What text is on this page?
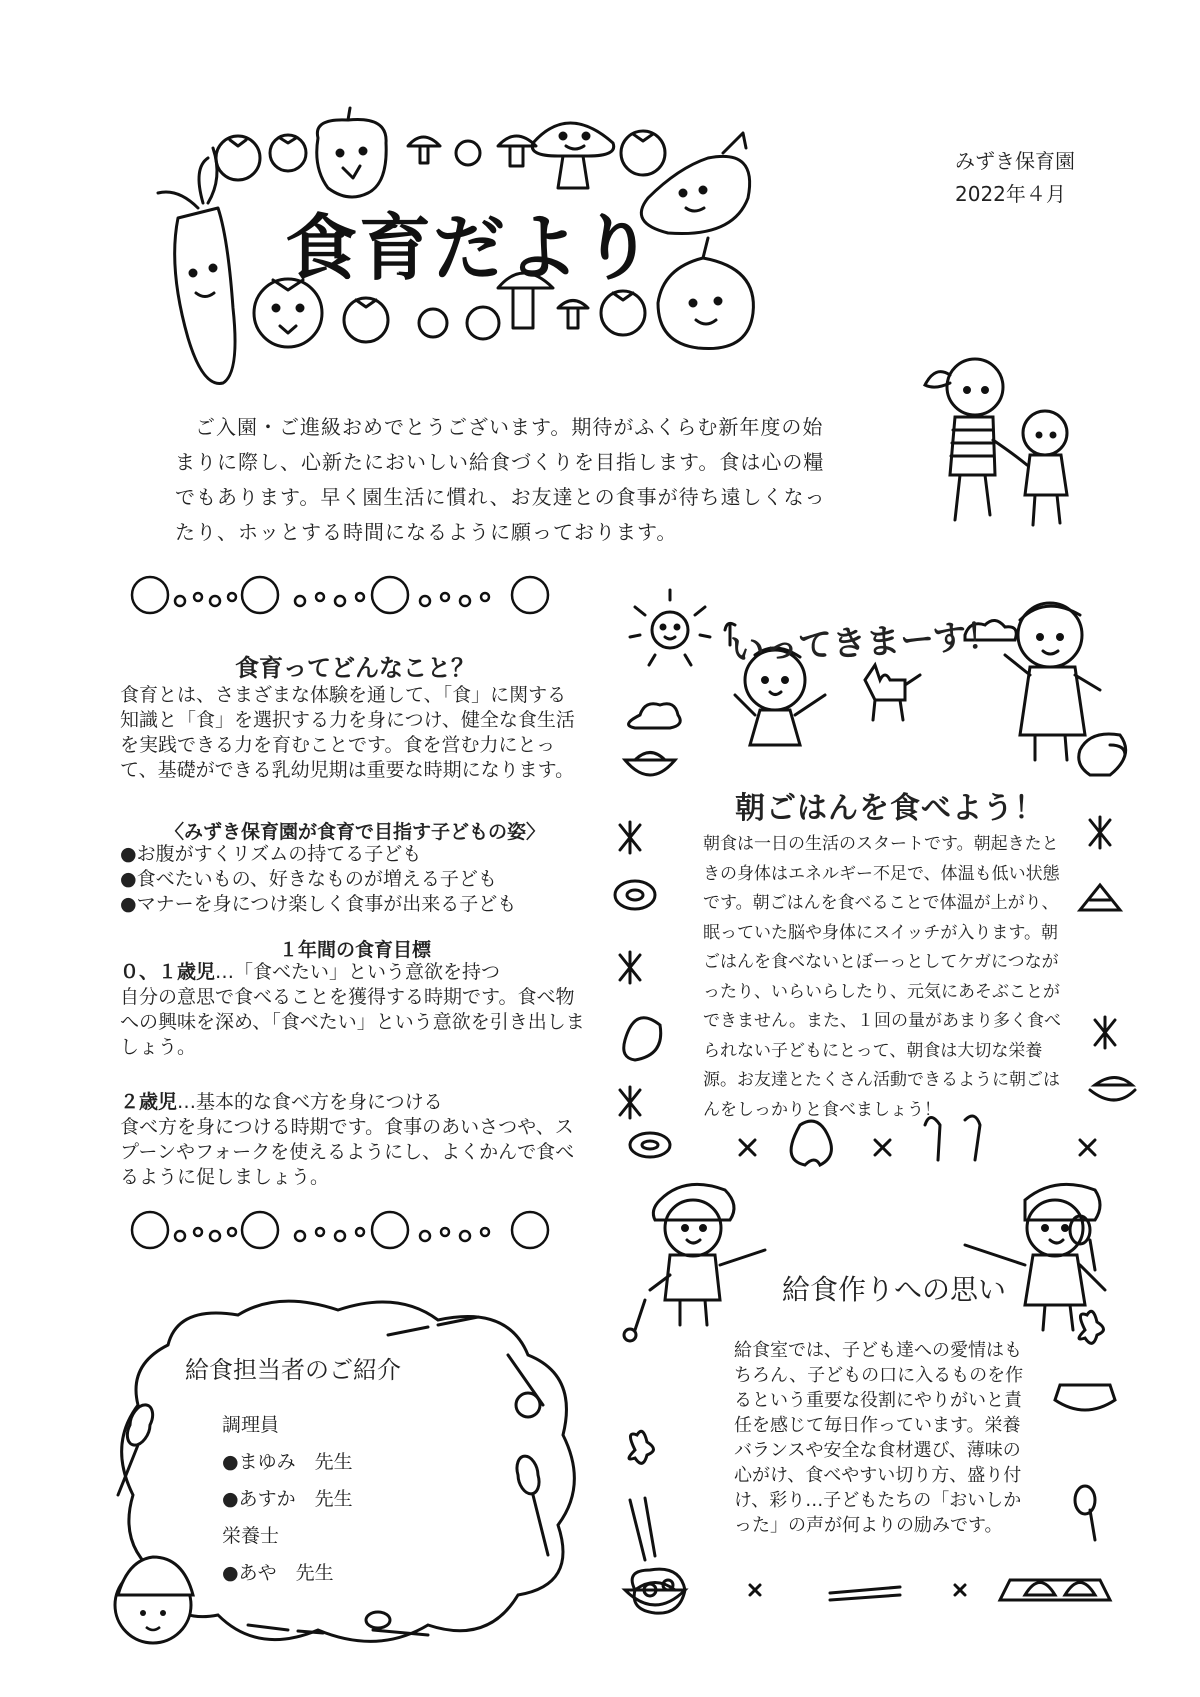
みずき保育園
2022年４月
食育だより

ご入園・ご進級おめでとうございます。期待がふくらむ新年度の始まりに際し、心新たにおいしい給食づくりを目指します。食は心の糧でもあります。早く園生活に慣れ、お友達との食事が待ち遠しくなったり、ホッとする時間になるように願っております。

食育ってどんなこと？
食育とは、さまざまな体験を通して、「食」に関する知識と「食」を選択する力を身につけ、健全な食生活を実践できる力を育むことです。食を営む力にとって、基礎ができる乳幼児期は重要な時期になります。
〈みずき保育園が食育で目指す子どもの姿〉
●お腹がすくリズムの持てる子ども
●食べたいもの、好きなものが増える子ども
●マナーを身につけ楽しく食事が出来る子ども
１年間の食育目標
０、１歳児…「食べたい」という意欲を持つ
自分の意思で食べることを獲得する時期です。食べ物への興味を深め、「食べたい」という意欲を引き出しましょう。
２歳児…基本的な食べ方を身につける
食べ方を身につける時期です。食事のあいさつや、スプーンやフォークを使えるようにし、よくかんで食べるように促しましょう。
給食担当者のご紹介
調理員
●まゆみ　先生
●あすか　先生
栄養士
●あや　先生
いってきまーす！
朝ごはんを食べよう！
朝食は一日の生活のスタートです。朝起きたときの身体はエネルギー不足で、体温も低い状態です。朝ごはんを食べることで体温が上がり、眠っていた脳や身体にスイッチが入ります。朝ごはんを食べないとぼーっとしてケガにつながったり、いらいらしたり、元気にあそぶことができません。また、１回の量があまり多く食べられない子どもにとって、朝食は大切な栄養源。お友達とたくさん活動できるように朝ごはんをしっかりと食べましょう！
給食作りへの思い
給食室では、子ども達への愛情はもちろん、子どもの口に入るものを作るという重要な役割にやりがいと責任を感じて毎日作っています。栄養バランスや安全な食材選び、薄味の心がけ、食べやすい切り方、盛り付け、彩り…子どもたちの「おいしかった」の声が何よりの励みです。
